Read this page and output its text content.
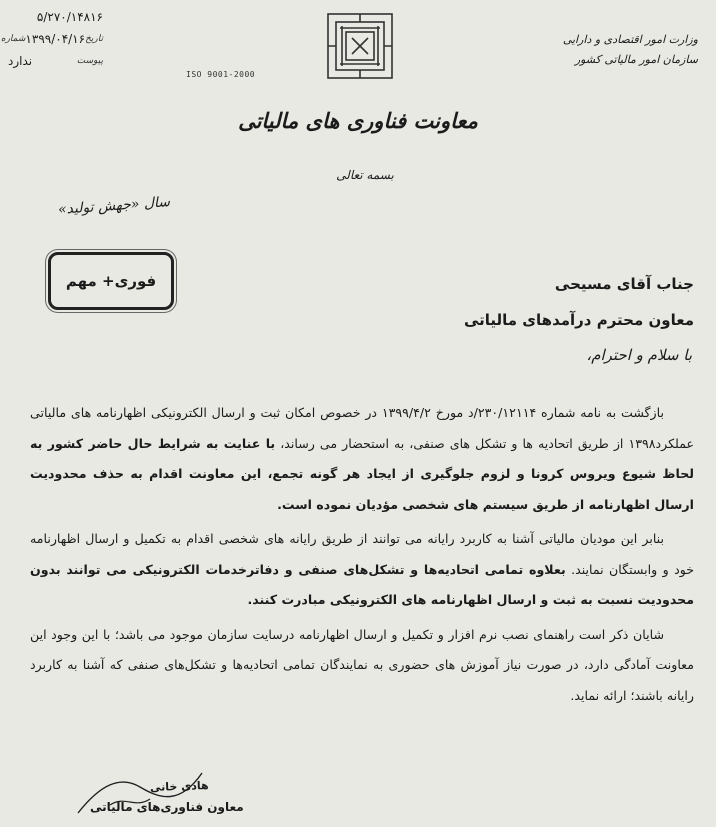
۵/۲۷۰/۱۴۸۱۶
تاریخ
۱۳۹۹/۰۴/۱۶
شماره
پیوست
ندارد
ISO 9001-2000
وزارت امور اقتصادی و دارایی
سازمان امور مالیاتی کشور
معاونت فناوری های مالیاتی
بسمه تعالی
سال «جهش تولید»
فوری+ مهم	جناب آقای مسیحی
معاون محترم درآمدهای مالیاتی
با سلام و احترام،

بازگشت به نامه شماره ۲۳۰/۱۲۱۱۴/د مورخ ۱۳۹۹/۴/۲ در خصوص امکان ثبت و ارسال الکترونیکی اظهارنامه های مالیاتی عملکرد۱۳۹۸ از طریق اتحادیه ها و تشکل های صنفی، به استحضار می رساند، با عنایت به شرایط حال حاضر کشور به لحاظ شیوع ویروس کرونا و لزوم جلوگیری از ایجاد هر گونه تجمع، این معاونت اقدام به حذف محدودیت ارسال اظهارنامه از طریق سیستم های شخصی مؤدیان نموده است.

بنابر این مودیان مالیاتی آشنا به کاربرد رایانه می توانند از طریق رایانه های شخصی اقدام به تکمیل و ارسال اظهارنامه خود و وابستگان نمایند. بعلاوه تمامی اتحادیه‌ها و تشکل‌های صنفی و دفاترخدمات الکترونیکی می توانند بدون محدودیت نسبت به ثبت و ارسال اظهارنامه های الکترونیکی مبادرت کنند.

شایان ذکر است راهنمای نصب نرم افزار و تکمیل و ارسال اظهارنامه درسایت سازمان موجود می باشد؛ با این وجود این معاونت آمادگی دارد، در صورت نیاز آموزش های حضوری به نمایندگان تمامی اتحادیه‌ها و تشکل‌های صنفی که آشنا به کاربرد رایانه باشند؛ ارائه نماید.

هادی خانی
معاون فناوری‌های مالیاتی
